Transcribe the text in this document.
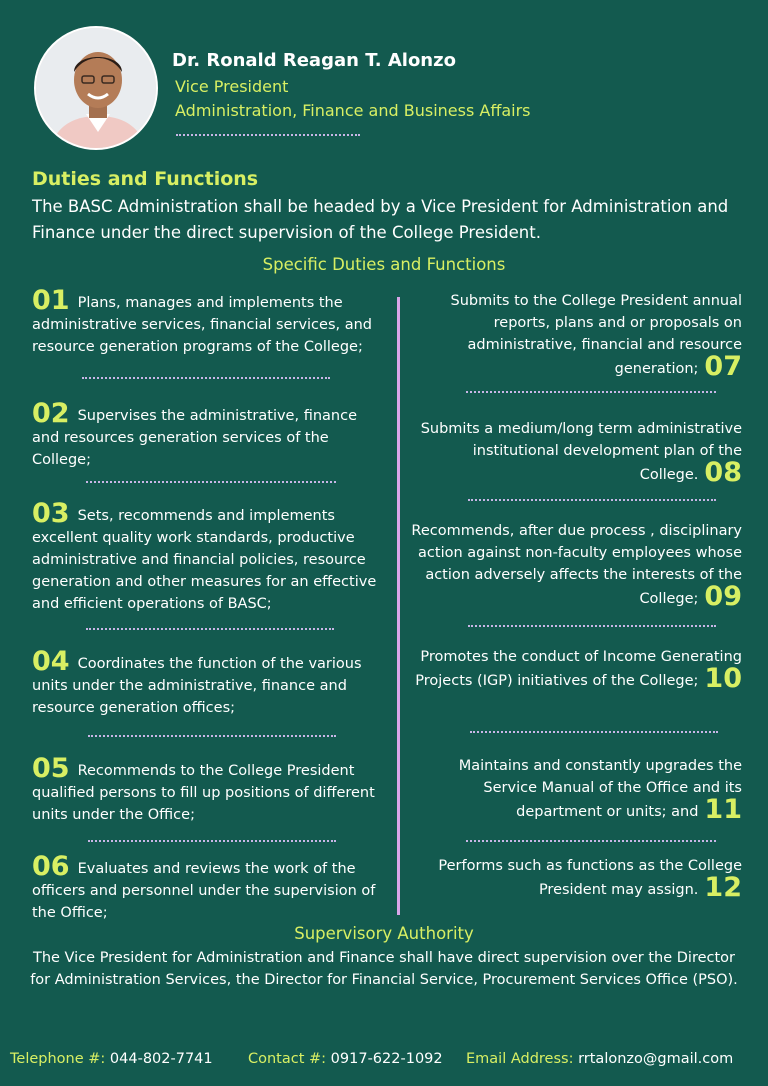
Dr. Ronald Reagan T. Alonzo
Vice President
Administration, Finance and Business Affairs
Duties and Functions
The BASC Administration shall be headed by a Vice President for Administration and Finance under the direct supervision of the College President.
Specific Duties and Functions
01 Plans, manages and implements the administrative services, financial services, and resource generation programs of the College;
02 Supervises the administrative, finance and resources generation services of the College;
03 Sets, recommends and implements excellent quality work standards, productive administrative and financial policies, resource generation and other measures for an effective and efficient operations of BASC;
04 Coordinates the function of the various units under the administrative, finance and resource generation offices;
05 Recommends to the College President qualified persons to fill up positions of different units under the Office;
06 Evaluates and reviews the work of the officers and personnel under the supervision of the Office;
Submits to the College President annual reports, plans and or proposals on administrative, financial and resource generation; 07
Submits a medium/long term administrative institutional development plan of the College. 08
Recommends, after due process , disciplinary action against non-faculty employees whose action adversely affects the interests of the College; 09
Promotes the conduct of Income Generating Projects (IGP) initiatives of the College; 10
Maintains and constantly upgrades the Service Manual of the Office and its department or units; and 11
Performs such as functions as the College President may assign. 12
Supervisory Authority
The Vice President for Administration and Finance shall have direct supervision over the Director for Administration Services, the Director for Financial Service, Procurement Services Office (PSO).
Telephone #: 044-802-7741 Contact #: 0917-622-1092 Email Address: rrtalonzo@gmail.com
